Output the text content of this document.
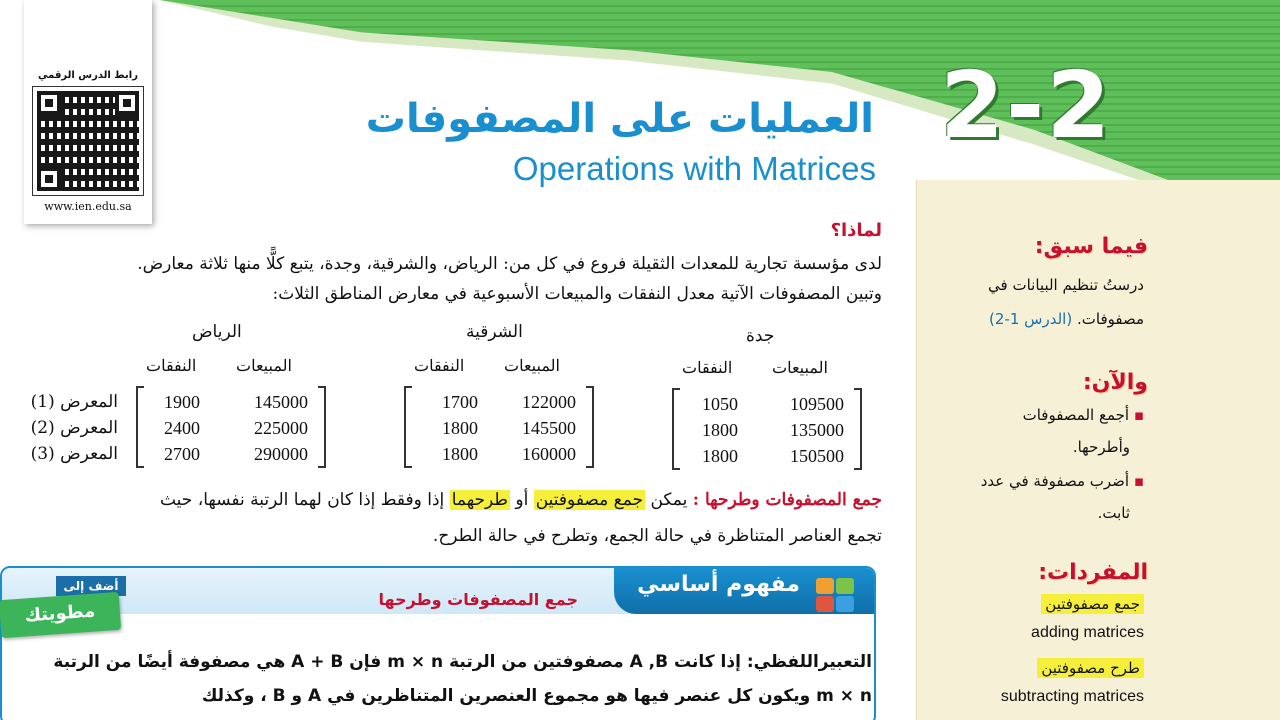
2-2
رابط الدرس الرقمي
www.ien.edu.sa
العمليات على المصفوفات
Operations with Matrices
لماذا؟
لدى مؤسسة تجارية للمعدات الثقيلة فروع في كل من: الرياض، والشرقية، وجدة، يتبع كلًّا منها ثلاثة معارض.
وتبين المصفوفات الآتية معدل النفقات والمبيعات الأسبوعية في معارض المناطق الثلاث:
الرياض
المبيعات
النفقات
145000
225000
290000
1900
2400
2700
المعرض (1)
المعرض (2)
المعرض (3)
الشرقية
المبيعات
النفقات
122000
145500
160000
1700
1800
1800
جدة
المبيعات
النفقات
109500
135000
150500
1050
1800
1800
جمع المصفوفات وطرحها : يمكن جمع مصفوفتين أو طرحهما إذا وفقط إذا كان لهما الرتبة نفسها، حيث
تجمع العناصر المتناظرة في حالة الجمع، وتطرح في حالة الطرح.
مفهوم أساسي
جمع المصفوفات وطرحها
التعبيراللفظي: إذا كانت A ,B مصفوفتين من الرتبة m × n فإن A + B هي مصفوفة أيضًا من الرتبة
m × n ويكون كل عنصر فيها هو مجموع العنصرين المتناظرين في A و B ، وكذلك
أضف إلى
مطويتك
فيما سبق:
درستُ تنظيم البيانات في
مصفوفات. (الدرس 1-2)
والآن:
▪ أجمع المصفوفات
وأطرحها.
▪ أضرب مصفوفة في عدد
ثابت.
المفردات:
جمع مصفوفتين
adding matrices
طرح مصفوفتين
subtracting matrices
